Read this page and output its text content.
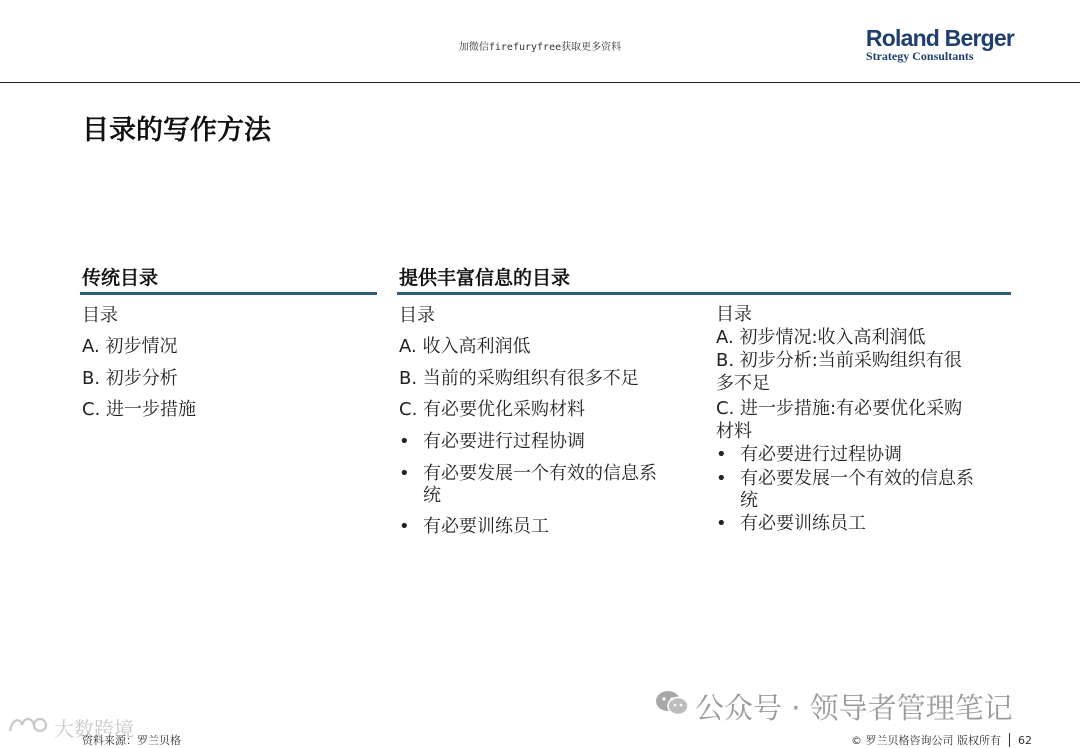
加微信firefuryfree获取更多资料	Roland Berger
Strategy Consultants
目录的写作方法
传统目录
目录
A. 初步情况
B. 初步分析
C. 进一步措施
提供丰富信息的目录
目录
A. 收入高利润低
B. 当前的采购组织有很多不足
C. 有必要优化采购材料
• 有必要进行过程协调
• 有必要发展一个有效的信息系
统
• 有必要训练员工
目录
A. 初步情况:收入高利润低
B. 初步分析:当前采购组织有很
多不足
C. 进一步措施:有必要优化采购
材料
• 有必要进行过程协调
• 有必要发展一个有效的信息系
统
• 有必要训练员工
公众号 · 领导者管理笔记
大数跨境
资料来源：罗兰贝格	© 罗兰贝格咨询公司 版权所有 62
